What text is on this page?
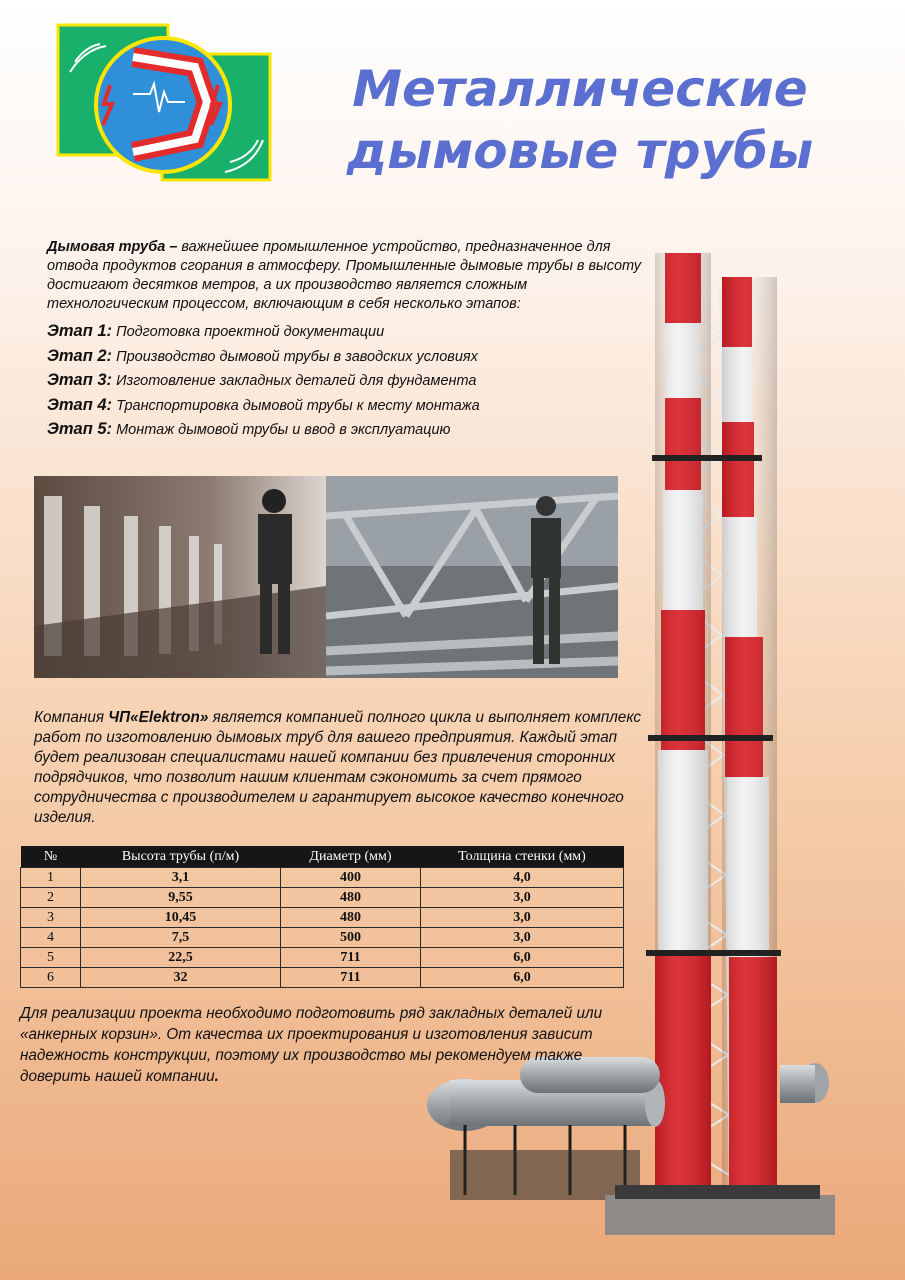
Металлические
дымовые трубы
Дымовая труба – важнейшее промышленное устройство, предназначенное для отвода продуктов сгорания в атмосферу. Промышленные дымовые трубы в высоту достигают десятков метров, а их производство является сложным технологическим процессом, включающим в себя несколько этапов:
Этап 1: Подготовка проектной документации
Этап 2: Производство дымовой трубы в заводских условиях
Этап 3: Изготовление закладных деталей для фундамента
Этап 4: Транспортировка дымовой трубы к месту монтажа
Этап 5: Монтаж дымовой трубы и ввод в эксплуатацию
Компания ЧП«Elektron» является компанией полного цикла и выполняет комплекс работ по изготовлению дымовых труб для вашего предприятия. Каждый этап будет реализован специалистами нашей компании без привлечения сторонних подрядчиков, что позволит нашим клиентам сэкономить за счет прямого сотрудничества с производителем и гарантирует высокое качество конечного изделия.
№	Высота трубы (п/м)	Диаметр (мм)	Толщина стенки (мм)
1	3,1	400	4,0
2	9,55	480	3,0
3	10,45	480	3,0
4	7,5	500	3,0
5	22,5	711	6,0
6	32	711	6,0
Для реализации проекта необходимо подготовить ряд закладных деталей или «анкерных корзин». От качества их проектирования и изготовления зависит надежность конструкции, поэтому их производство мы рекомендуем также доверить нашей компании.
